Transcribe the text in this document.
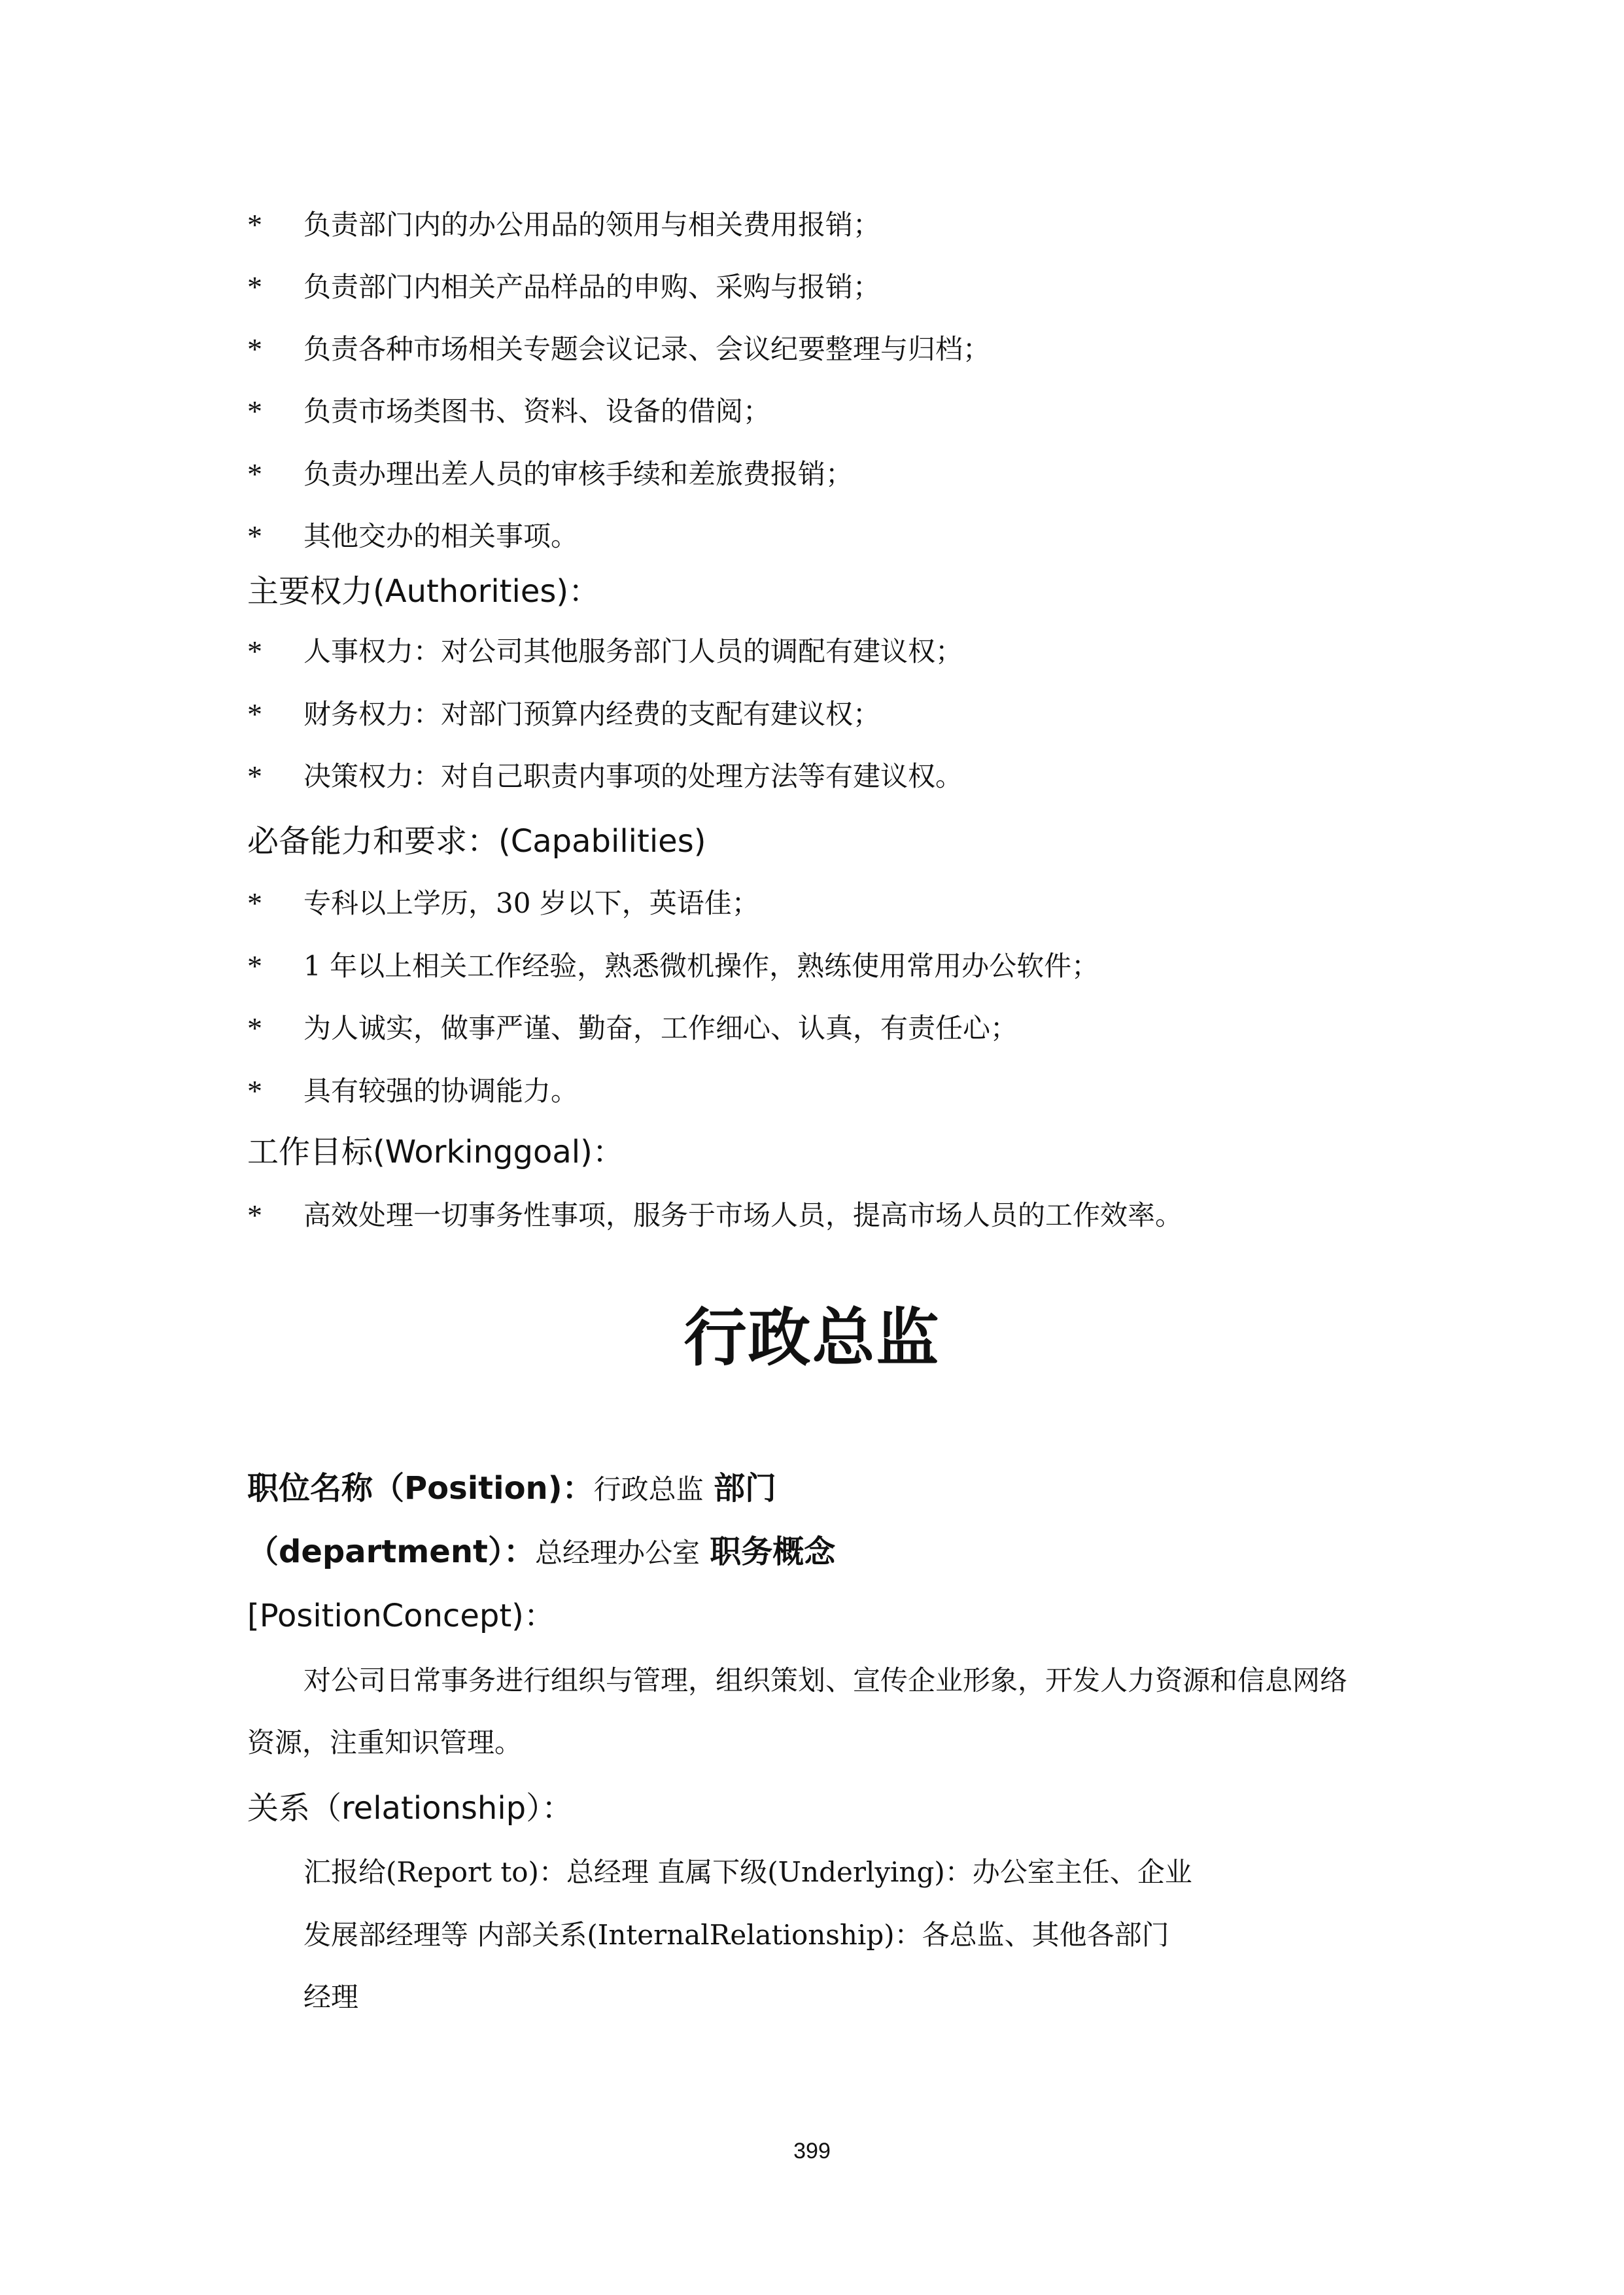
* 负责部门内的办公用品的领用与相关费用报销；
* 负责部门内相关产品样品的申购、采购与报销；
* 负责各种市场相关专题会议记录、会议纪要整理与归档；
* 负责市场类图书、资料、设备的借阅；
* 负责办理出差人员的审核手续和差旅费报销；
* 其他交办的相关事项。
主要权力(Authorities)：
* 人事权力：对公司其他服务部门人员的调配有建议权；
* 财务权力：对部门预算内经费的支配有建议权；
* 决策权力：对自己职责内事项的处理方法等有建议权。
必备能力和要求：(Capabilities)
* 专科以上学历，30 岁以下，英语佳；
* 1 年以上相关工作经验，熟悉微机操作，熟练使用常用办公软件；
* 为人诚实，做事严谨、勤奋，工作细心、认真，有责任心；
* 具有较强的协调能力。
工作目标(Workinggoal)：
* 高效处理一切事务性事项，服务于市场人员，提高市场人员的工作效率。
行政总监
职位名称（Position)：行政总监 部门
（department）：总经理办公室 职务概念
[PositionConcept)：
对公司日常事务进行组织与管理，组织策划、宣传企业形象，开发人力资源和信息网络
资源，注重知识管理。
关系（relationship）：
汇报给(Report to)：总经理 直属下级(Underlying)：办公室主任、企业
发展部经理等 内部关系(InternalRelationship)：各总监、其他各部门
经理
399
